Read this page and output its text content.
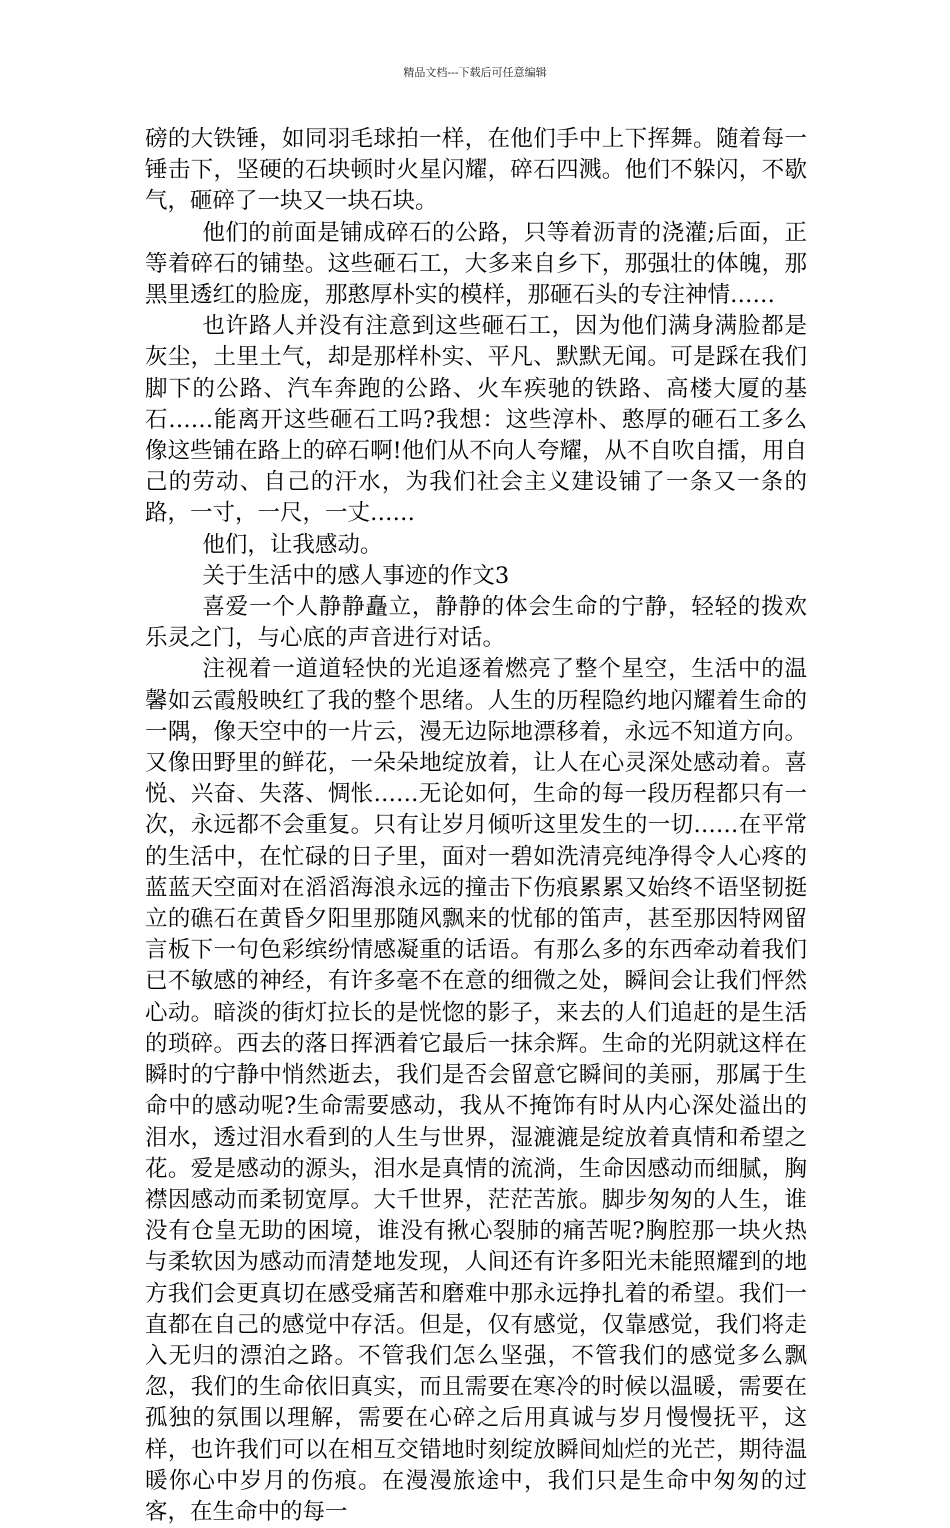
精品文档---下载后可任意编辑

磅的大铁锤，如同羽毛球拍一样，在他们手中上下挥舞。随着每一锤击下，坚硬的石块顿时火星闪耀，碎石四溅。他们不躲闪，不歇气，砸碎了一块又一块石块。

他们的前面是铺成碎石的公路，只等着沥青的浇灌;后面，正等着碎石的铺垫。这些砸石工，大多来自乡下，那强壮的体魄，那黑里透红的脸庞，那憨厚朴实的模样，那砸石头的专注神情……

也许路人并没有注意到这些砸石工，因为他们满身满脸都是灰尘，土里土气，却是那样朴实、平凡、默默无闻。可是踩在我们脚下的公路、汽车奔跑的公路、火车疾驰的铁路、高楼大厦的基石……能离开这些砸石工吗?我想：这些淳朴、憨厚的砸石工多么像这些铺在路上的碎石啊!他们从不向人夸耀，从不自吹自擂，用自己的劳动、自己的汗水，为我们社会主义建设铺了一条又一条的路，一寸，一尺，一丈……

他们，让我感动。

关于生活中的感人事迹的作文3

喜爱一个人静静矗立，静静的体会生命的宁静，轻轻的拨欢乐灵之门，与心底的声音进行对话。

注视着一道道轻快的光追逐着燃亮了整个星空，生活中的温馨如云霞般映红了我的整个思绪。人生的历程隐约地闪耀着生命的一隅，像天空中的一片云，漫无边际地漂移着，永远不知道方向。又像田野里的鲜花，一朵朵地绽放着，让人在心灵深处感动着。喜悦、兴奋、失落、惆怅……无论如何，生命的每一段历程都只有一次，永远都不会重复。只有让岁月倾听这里发生的一切……在平常的生活中，在忙碌的日子里，面对一碧如洗清亮纯净得令人心疼的蓝蓝天空面对在滔滔海浪永远的撞击下伤痕累累又始终不语坚韧挺立的礁石在黄昏夕阳里那随风飘来的忧郁的笛声，甚至那因特网留言板下一句色彩缤纷情感凝重的话语。有那么多的东西牵动着我们已不敏感的神经，有许多毫不在意的细微之处，瞬间会让我们怦然心动。暗淡的街灯拉长的是恍惚的影子，来去的人们追赶的是生活的琐碎。西去的落日挥洒着它最后一抹余辉。生命的光阴就这样在瞬时的宁静中悄然逝去，我们是否会留意它瞬间的美丽，那属于生命中的感动呢?生命需要感动，我从不掩饰有时从内心深处溢出的泪水，透过泪水看到的人生与世界，湿漉漉是绽放着真情和希望之花。爱是感动的源头，泪水是真情的流淌，生命因感动而细腻，胸襟因感动而柔韧宽厚。大千世界，茫茫苦旅。脚步匆匆的人生，谁没有仓皇无助的困境，谁没有揪心裂肺的痛苦呢?胸腔那一块火热与柔软因为感动而清楚地发现，人间还有许多阳光未能照耀到的地方我们会更真切在感受痛苦和磨难中那永远挣扎着的希望。我们一直都在自己的感觉中存活。但是，仅有感觉，仅靠感觉，我们将走入无归的漂泊之路。不管我们怎么坚强，不管我们的感觉多么飘忽，我们的生命依旧真实，而且需要在寒冷的时候以温暖，需要在孤独的氛围以理解，需要在心碎之后用真诚与岁月慢慢抚平，这样，也许我们可以在相互交错地时刻绽放瞬间灿烂的光芒，期待温暖你心中岁月的伤痕。在漫漫旅途中，我们只是生命中匆匆的过客，在生命中的每一
